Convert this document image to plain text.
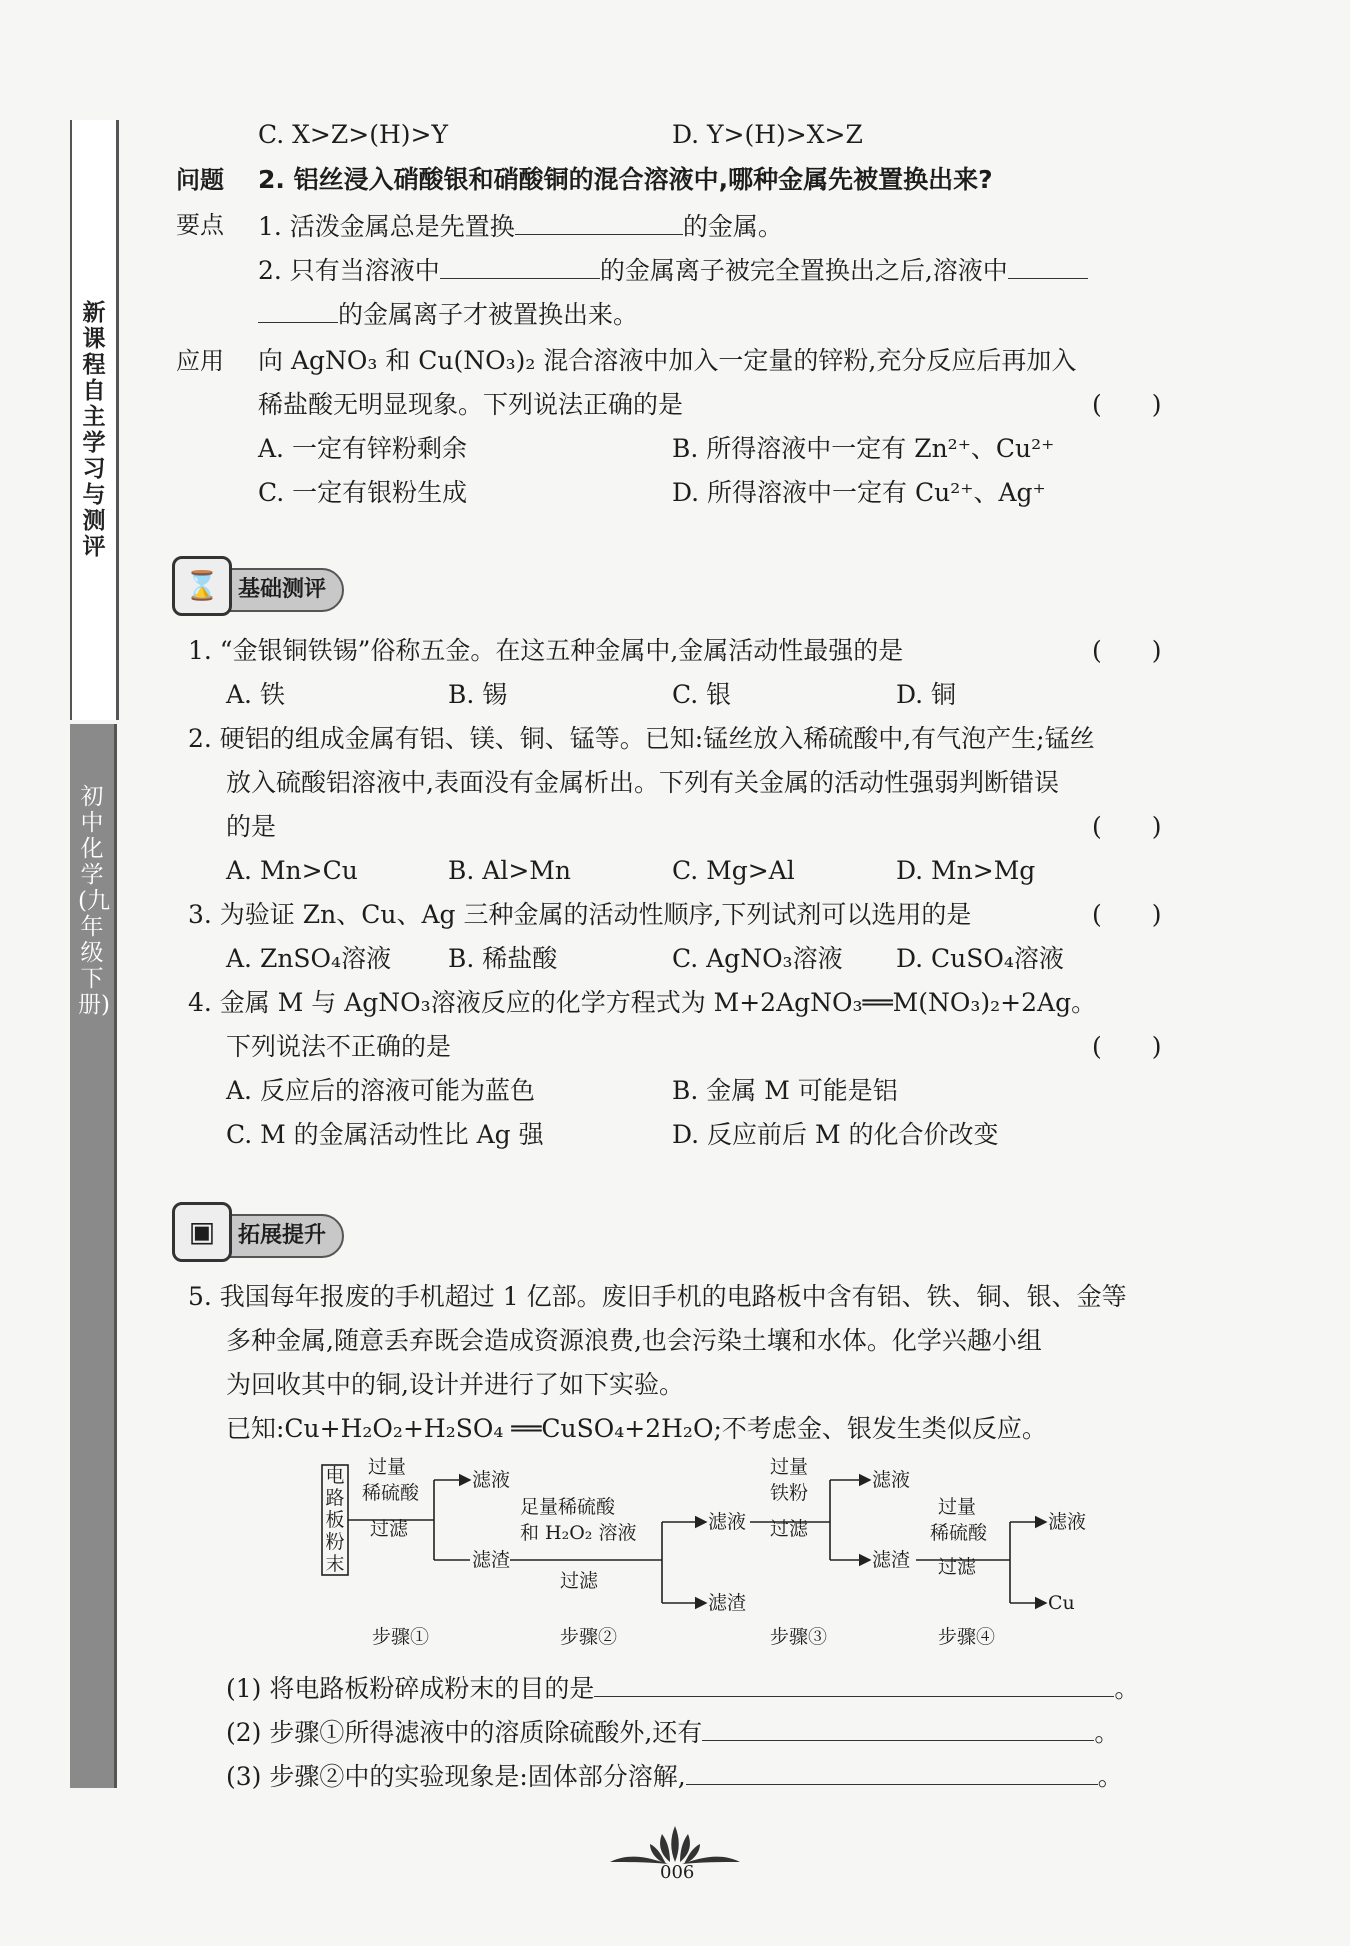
新课程自主学习与测评
初中化学(九年级下册)
C. X>Z>(H)>Y	D. Y>(H)>X>Z
问题 2. 铝丝浸入硝酸银和硝酸铜的混合溶液中,哪种金属先被置换出来?
要点 1. 活泼金属总是先置换	的金属。
2. 只有当溶液中	的金属离子被完全置换出之后,溶液中
的金属离子才被置换出来。
应用 向 AgNO₃ 和 Cu(NO₃)₂ 混合溶液中加入一定量的锌粉,充分反应后再加入
稀盐酸无明显现象。下列说法正确的是	(　　)
A. 一定有锌粉剩余	B. 所得溶液中一定有 Zn²⁺、Cu²⁺
C. 一定有银粉生成	D. 所得溶液中一定有 Cu²⁺、Ag⁺
⌛ 基础测评
1. “金银铜铁锡”俗称五金。在这五种金属中,金属活动性最强的是	(　　)
A. 铁	B. 锡	C. 银	D. 铜
2. 硬铝的组成金属有铝、镁、铜、锰等。已知:锰丝放入稀硫酸中,有气泡产生;锰丝
放入硫酸铝溶液中,表面没有金属析出。下列有关金属的活动性强弱判断错误
的是	(　　)
A. Mn>Cu	B. Al>Mn	C. Mg>Al	D. Mn>Mg
3. 为验证 Zn、Cu、Ag 三种金属的活动性顺序,下列试剂可以选用的是	(　　)
A. ZnSO₄溶液 B. 稀盐酸	C. AgNO₃溶液 D. CuSO₄溶液
4. 金属 M 与 AgNO₃溶液反应的化学方程式为 M+2AgNO₃══M(NO₃)₂+2Ag。
下列说法不正确的是	(　　)
A. 反应后的溶液可能为蓝色	B. 金属 M 可能是铝
C. M 的金属活动性比 Ag 强	D. 反应前后 M 的化合价改变
▣	拓展提升
5. 我国每年报废的手机超过 1 亿部。废旧手机的电路板中含有铝、铁、铜、银、金等
多种金属,随意丢弃既会造成资源浪费,也会污染土壤和水体。化学兴趣小组
为回收其中的铜,设计并进行了如下实验。
已知:Cu+H₂O₂+H₂SO₄ ══CuSO₄+2H₂O;不考虑金、银发生类似反应。
电路板粉末
过量
稀硫酸
过滤
滤液
滤渣
足量稀硫酸
和 H₂O₂ 溶液
过滤
滤液
滤渣
过量
铁粉
过滤
滤液
滤渣
过量
稀硫酸
过滤
滤液
Cu
步骤①	步骤②	步骤③	步骤④
(1) 将电路板粉碎成粉末的目的是	。
(2) 步骤①所得滤液中的溶质除硫酸外,还有	。
(3) 步骤②中的实验现象是:固体部分溶解,	。
006
